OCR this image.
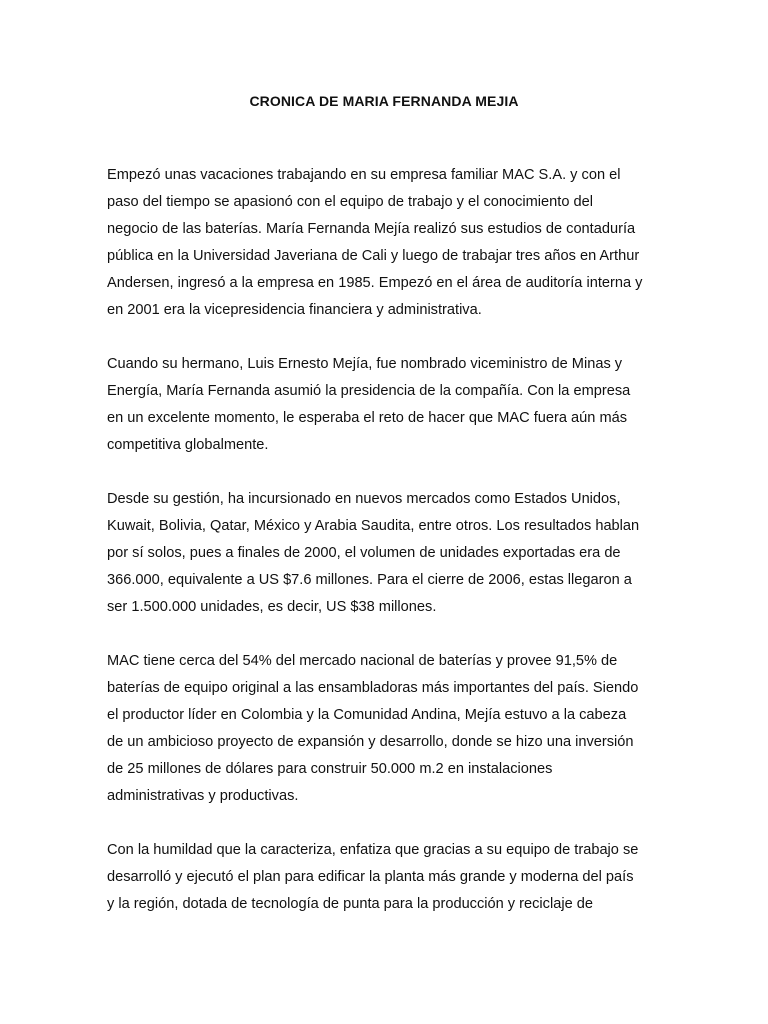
CRONICA DE MARIA FERNANDA MEJIA
Empezó unas vacaciones trabajando en su empresa familiar MAC S.A. y con el
paso del tiempo se apasionó con el equipo de trabajo y el conocimiento del
negocio de las baterías. María Fernanda Mejía realizó sus estudios de contaduría
pública en la Universidad Javeriana de Cali y luego de trabajar tres años en Arthur
Andersen, ingresó a la empresa en 1985. Empezó en el área de auditoría interna y
en 2001 era la vicepresidencia financiera y administrativa.
Cuando su hermano, Luis Ernesto Mejía, fue nombrado viceministro de Minas y
Energía, María Fernanda asumió la presidencia de la compañía. Con la empresa
en un excelente momento, le esperaba el reto de hacer que MAC fuera aún más
competitiva globalmente.
Desde su gestión, ha incursionado en nuevos mercados como Estados Unidos,
Kuwait, Bolivia, Qatar, México y Arabia Saudita, entre otros. Los resultados hablan
por sí solos, pues a finales de 2000, el volumen de unidades exportadas era de
366.000, equivalente a US $7.6 millones. Para el cierre de 2006, estas llegaron a
ser 1.500.000 unidades, es decir, US $38 millones.
MAC tiene cerca del 54% del mercado nacional de baterías y provee 91,5% de
baterías de equipo original a las ensambladoras más importantes del país. Siendo
el productor líder en Colombia y la Comunidad Andina, Mejía estuvo a la cabeza
de un ambicioso proyecto de expansión y desarrollo, donde se hizo una inversión
de 25 millones de dólares para construir 50.000 m.2 en instalaciones
administrativas y productivas.
Con la humildad que la caracteriza, enfatiza que gracias a su equipo de trabajo se
desarrolló y ejecutó el plan para edificar la planta más grande y moderna del país
y la región, dotada de tecnología de punta para la producción y reciclaje de
